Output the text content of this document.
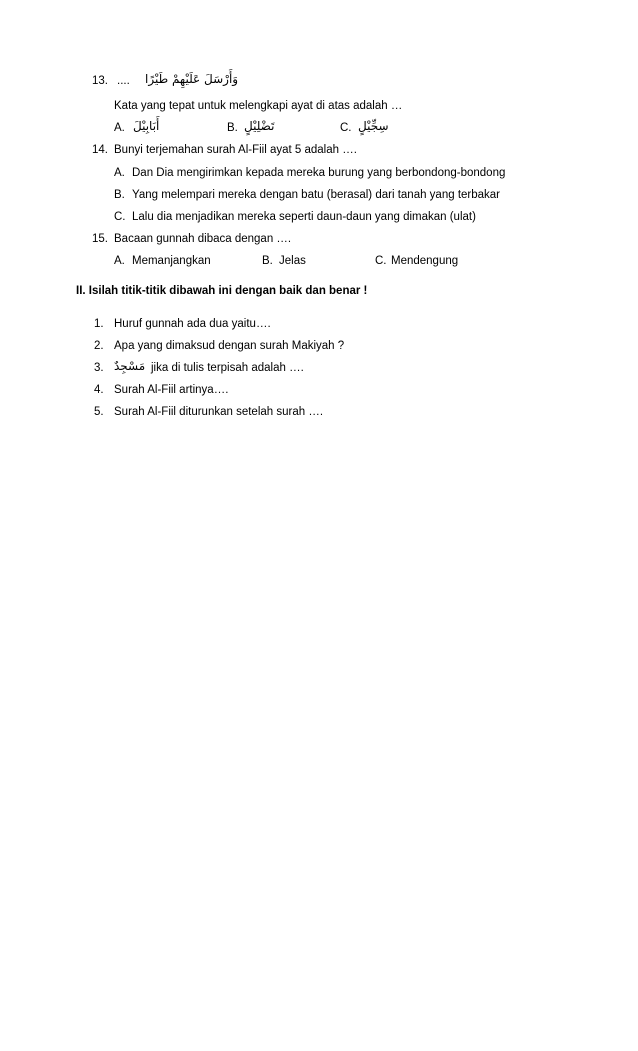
13. .... وَأَرْسَلَ عَلَيْهِمْ طَيْرًا
Kata yang tepat untuk melengkapi ayat di atas adalah …
A. أَبَابِيْلَ	B. تَضْلِيْلٍ	C. سِجِّيْلٍ
14. Bunyi terjemahan surah Al-Fiil ayat 5 adalah ….
A. Dan Dia mengirimkan kepada mereka burung yang berbondong-bondong
B. Yang melempari mereka dengan batu (berasal) dari tanah yang terbakar
C. Lalu dia menjadikan mereka seperti daun-daun yang dimakan (ulat)
15. Bacaan gunnah dibaca dengan ….
A. Memanjangkan	B. Jelas	C. Mendengung
II. Isilah titik-titik dibawah ini dengan baik dan benar !
1. Huruf gunnah ada dua yaitu….
2. Apa yang dimaksud dengan surah Makiyah ?
3. مَسْجِدٌ jika di tulis terpisah adalah ….
4. Surah Al-Fiil artinya….
5. Surah Al-Fiil diturunkan setelah surah ….
